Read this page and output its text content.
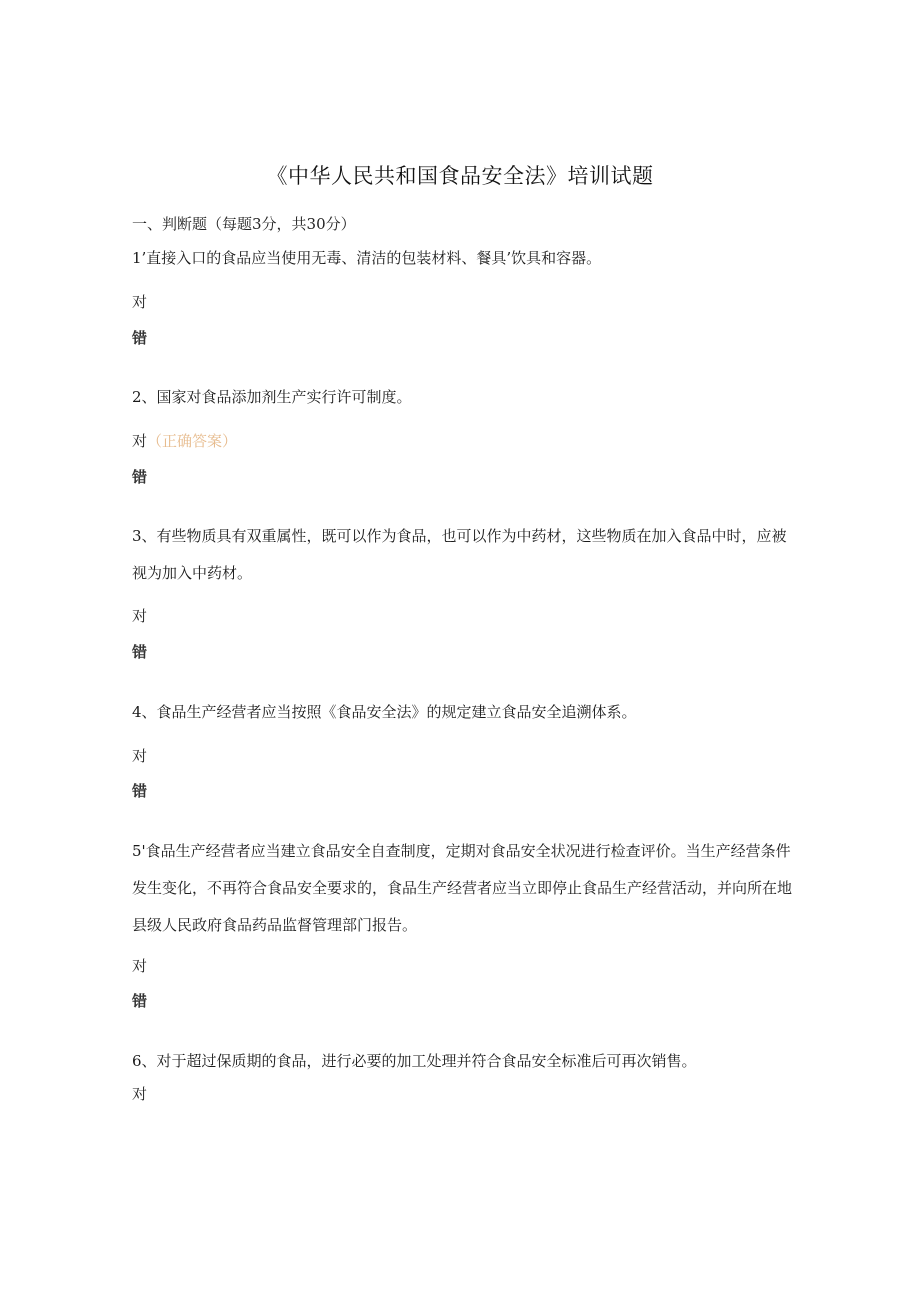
《中华人民共和国食品安全法》培训试题
一、判断题（每题3分，共30分）
1’直接入口的食品应当使用无毒、清洁的包装材料、餐具’饮具和容器。
对
错
2、国家对食品添加剂生产实行许可制度。
对（正确答案）
错
3、有些物质具有双重属性，既可以作为食品，也可以作为中药材，这些物质在加入食品中时，应被视为加入中药材。
对
错
4、食品生产经营者应当按照《食品安全法》的规定建立食品安全追溯体系。
对
错
5'食品生产经营者应当建立食品安全自查制度，定期对食品安全状况进行检查评价。当生产经营条件发生变化，不再符合食品安全要求的，食品生产经营者应当立即停止食品生产经营活动，并向所在地县级人民政府食品药品监督管理部门报告。
对
错
6、对于超过保质期的食品，进行必要的加工处理并符合食品安全标准后可再次销售。
对
